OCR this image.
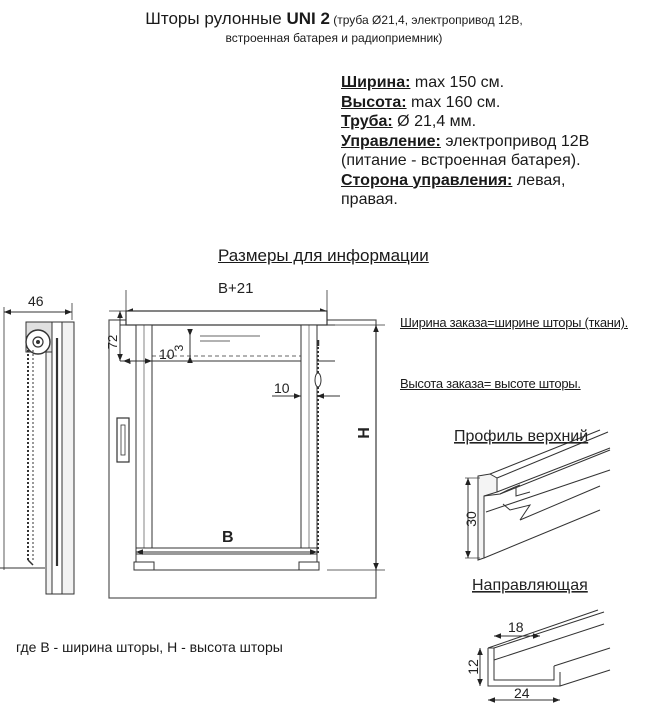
Шторы рулонные UNI 2 (труба Ø21,4, электропривод 12В,
встроенная батарея и радиоприемник)
Ширина: max 150 см.
Высота: max 160 см.
Труба: Ø 21,4 мм.
Управление: электропривод 12В
(питание - встроенная батарея).
Сторона управления: левая,
правая.
Размеры для информации
B+21
46
72	3
10
10
H
B
Профиль верхний
30
Направляющая
18
12
24
Ширина заказа=ширине шторы (ткани).
Высота заказа= высоте шторы.
где B - ширина шторы, Н - высота шторы
